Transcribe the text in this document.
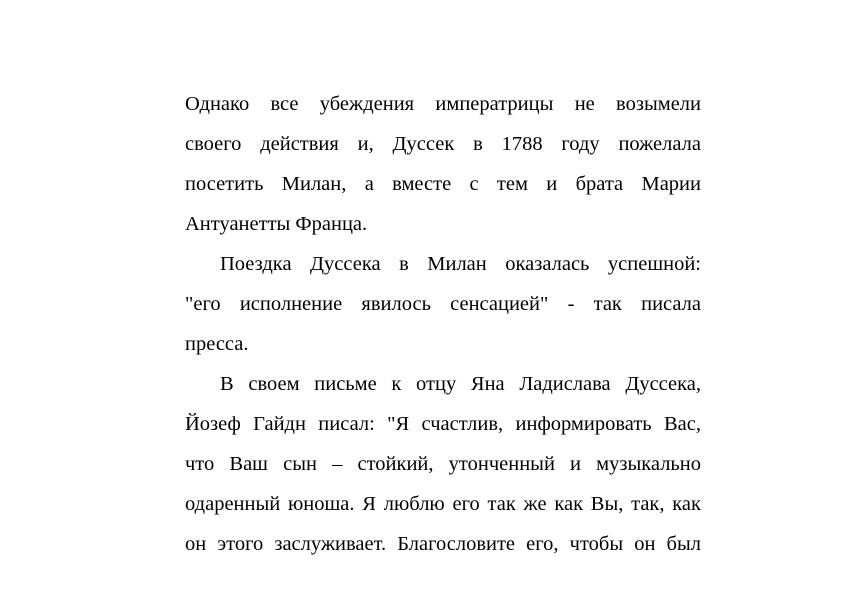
Однако все убеждения императрицы не возымели
своего действия и, Дуссек в 1788 году пожелала
посетить Милан, а вместе с тем и брата Марии
Антуанетты Франца.
Поездка Дуссека в Милан оказалась успешной:
"его исполнение явилось сенсацией" - так писала
пресса.
В своем письме к отцу Яна Ладислава Дуссека,
Йозеф Гайдн писал: "Я счастлив, информировать Вас,
что Ваш сын – стойкий, утонченный и музыкально
одаренный юноша. Я люблю его так же как Вы, так, как
он этого заслуживает. Благословите его, чтобы он был
